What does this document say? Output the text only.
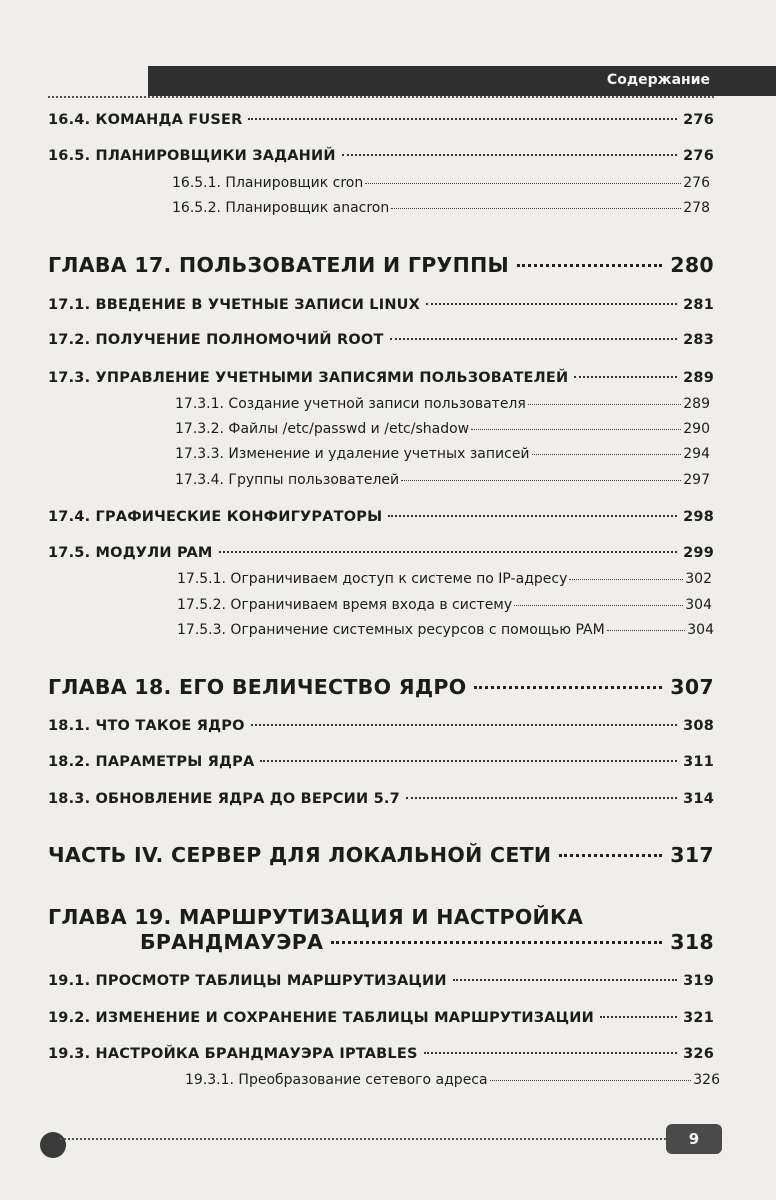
Содержание
16.4. КОМАНДА FUSER	276
16.5. ПЛАНИРОВЩИКИ ЗАДАНИЙ	276
16.5.1. Планировщик cron	276
16.5.2. Планировщик anacron	278
ГЛАВА 17. ПОЛЬЗОВАТЕЛИ И ГРУППЫ	280
17.1. ВВЕДЕНИЕ В УЧЕТНЫЕ ЗАПИСИ LINUX	281
17.2. ПОЛУЧЕНИЕ ПОЛНОМОЧИЙ ROOT	283
17.3. УПРАВЛЕНИЕ УЧЕТНЫМИ ЗАПИСЯМИ ПОЛЬЗОВАТЕЛЕЙ	289
17.3.1. Создание учетной записи пользователя	289
17.3.2. Файлы /etc/passwd и /etc/shadow	290
17.3.3. Изменение и удаление учетных записей	294
17.3.4. Группы пользователей	297
17.4. ГРАФИЧЕСКИЕ КОНФИГУРАТОРЫ	298
17.5. МОДУЛИ PAM	299
17.5.1. Ограничиваем доступ к системе по IP-адресу	302
17.5.2. Ограничиваем время входа в систему	304
17.5.3. Ограничение системных ресурсов с помощью PAM	304
ГЛАВА 18. ЕГО ВЕЛИЧЕСТВО ЯДРО	307
18.1. ЧТО ТАКОЕ ЯДРО	308
18.2. ПАРАМЕТРЫ ЯДРА	311
18.3. ОБНОВЛЕНИЕ ЯДРА ДО ВЕРСИИ 5.7	314
ЧАСТЬ IV. СЕРВЕР ДЛЯ ЛОКАЛЬНОЙ СЕТИ	317
ГЛАВА 19. МАРШРУТИЗАЦИЯ И НАСТРОЙКА
БРАНДМАУЭРА	318
19.1. ПРОСМОТР ТАБЛИЦЫ МАРШРУТИЗАЦИИ	319
19.2. ИЗМЕНЕНИЕ И СОХРАНЕНИЕ ТАБЛИЦЫ МАРШРУТИЗАЦИИ	321
19.3. НАСТРОЙКА БРАНДМАУЭРА IPTABLES	326
19.3.1. Преобразование сетевого адреса	326
9
